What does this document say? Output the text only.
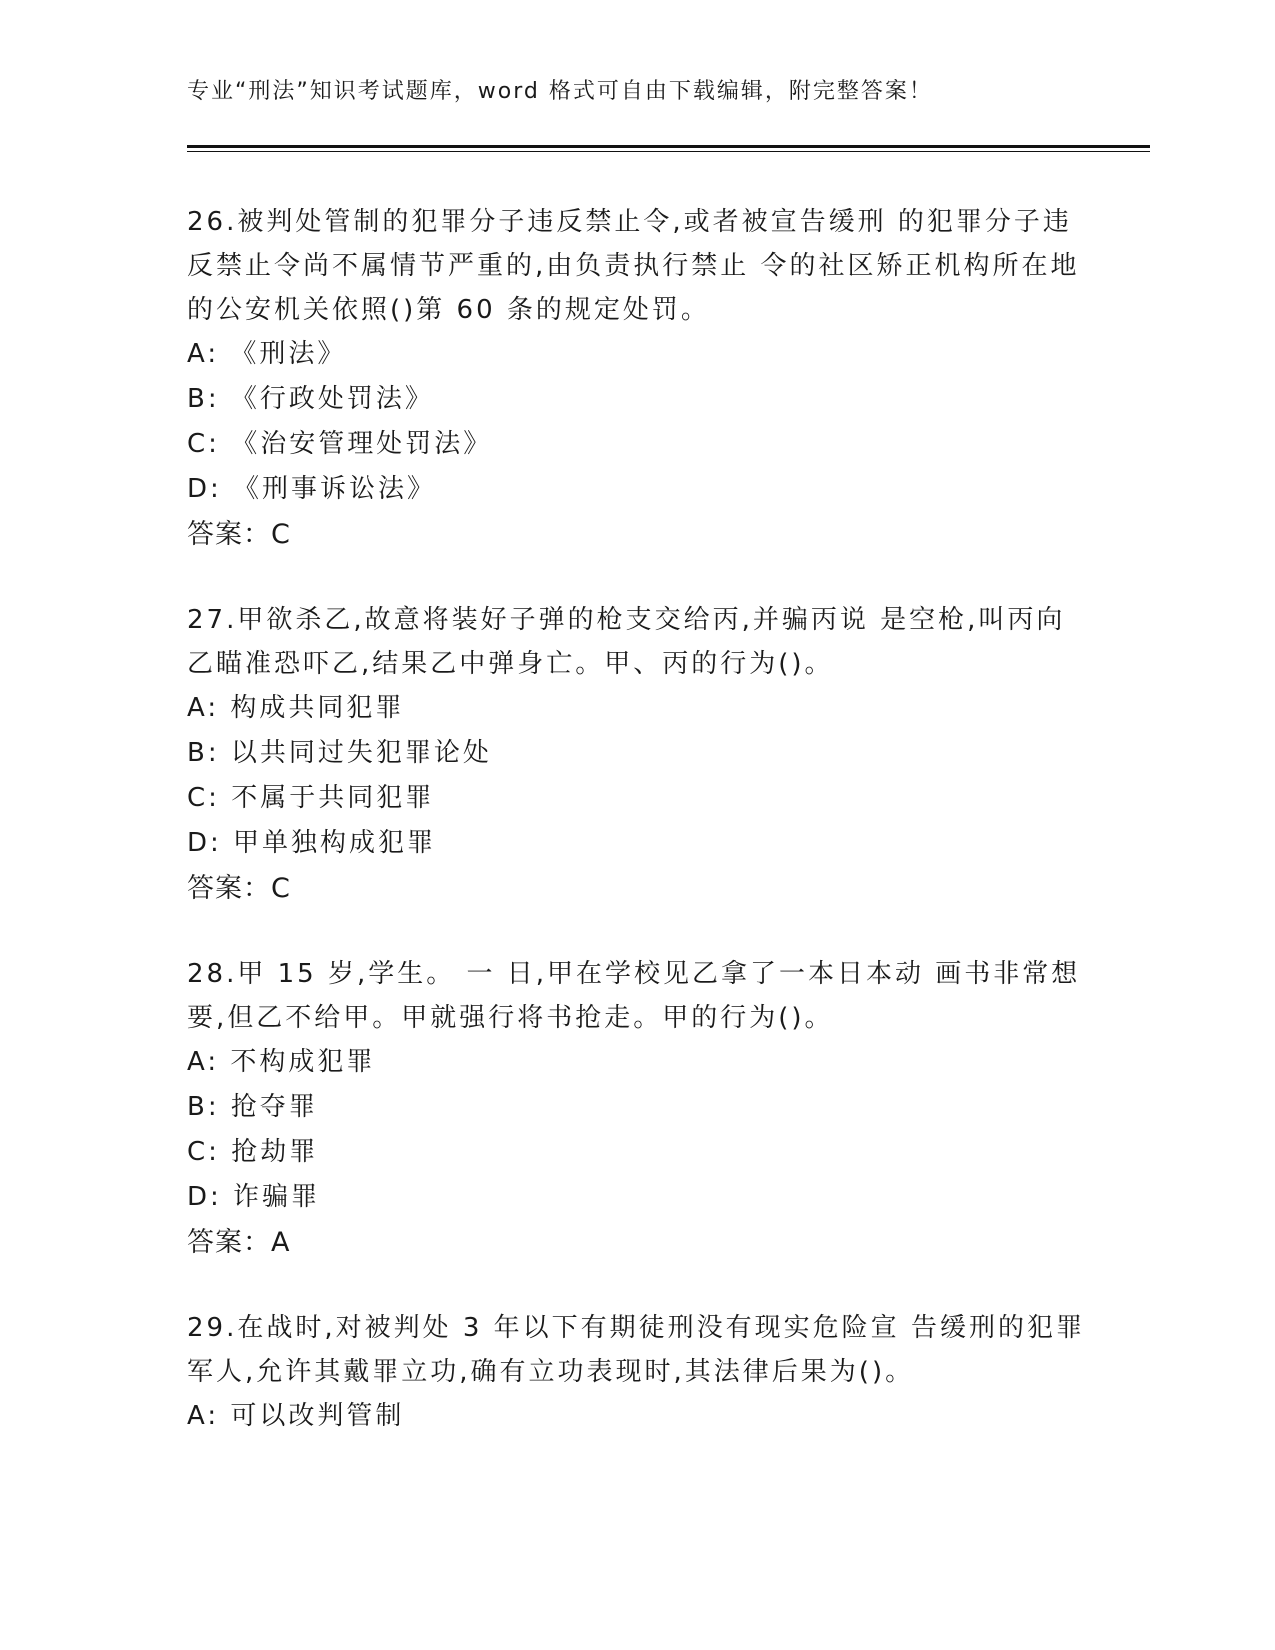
专业“刑法”知识考试题库，word 格式可自由下载编辑，附完整答案！

26.被判处管制的犯罪分子违反禁止令,或者被宣告缓刑 的犯罪分子违反禁止令尚不属情节严重的,由负责执行禁止 令的社区矫正机构所在地的公安机关依照()第 60 条的规定处罚。

A: 《刑法》

B: 《行政处罚法》

C: 《治安管理处罚法》

D: 《刑事诉讼法》

答案：C

27.甲欲杀乙,故意将装好子弹的枪支交给丙,并骗丙说 是空枪,叫丙向乙瞄准恐吓乙,结果乙中弹身亡。甲、丙的行为()。

A: 构成共同犯罪

B: 以共同过失犯罪论处

C: 不属于共同犯罪

D: 甲单独构成犯罪

答案：C

28.甲 15 岁,学生。 一 日,甲在学校见乙拿了一本日本动 画书非常想要,但乙不给甲。甲就强行将书抢走。甲的行为()。

A: 不构成犯罪

B: 抢夺罪

C: 抢劫罪

D: 诈骗罪

答案：A

29.在战时,对被判处 3 年以下有期徒刑没有现实危险宣 告缓刑的犯罪军人,允许其戴罪立功,确有立功表现时,其法律后果为()。

A: 可以改判管制
